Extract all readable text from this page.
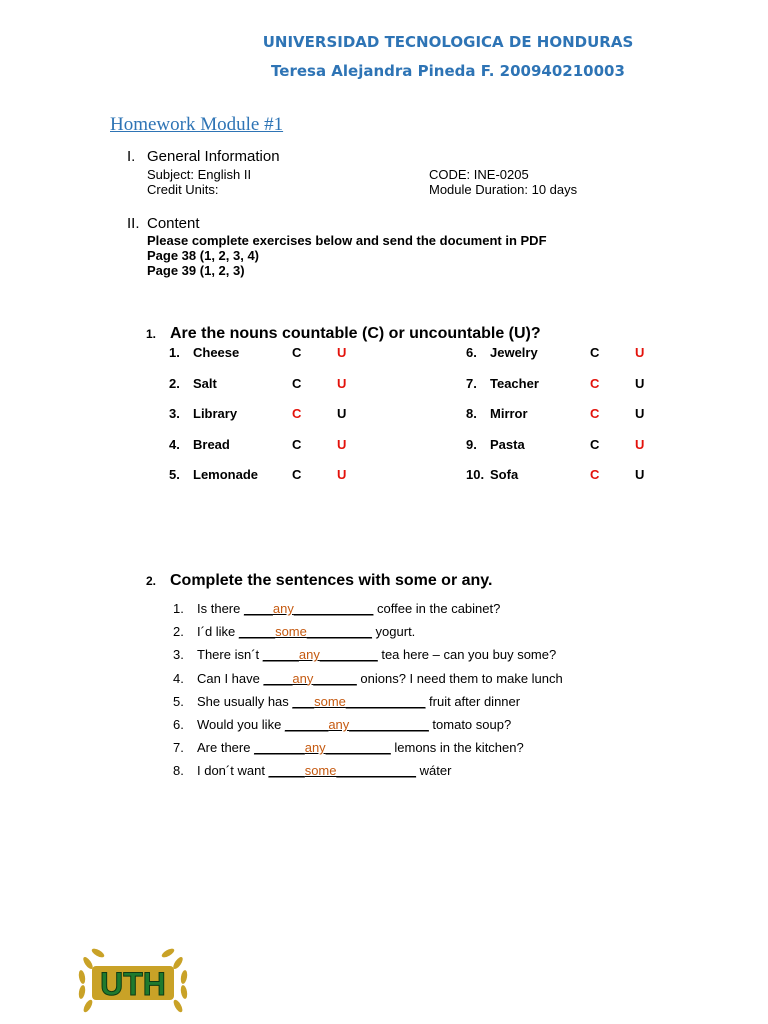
UNIVERSIDAD TECNOLOGICA DE HONDURAS
Teresa Alejandra Pineda F. 200940210003
Homework Module #1
I. General Information
Subject: English II
Credit Units:
CODE: INE-0205
Module Duration: 10 days
II. Content
Please complete exercises below and send the document in PDF
Page 38 (1, 2, 3, 4)
Page 39 (1, 2, 3)
1. Are the nouns countable (C) or uncountable (U)?
1. Cheese	C	U
2. Salt	C	U
3. Library	C	U
4. Bread	C	U
5. Lemonade	C	U
6. Jewelry	C	U
7. Teacher	C	U
8. Mirror	C	U
9. Pasta	C	U
10. Sofa	C	U
2. Complete the sentences with some or any.
1. Is there ____any___________ coffee in the cabinet?
2. I´d like _____some_________ yogurt.
3. There isn´t _____any________ tea here – can you buy some?
4. Can I have ____any______ onions? I need them to make lunch
5. She usually has ___some___________ fruit after dinner
6. Would you like ______any___________ tomato soup?
7. Are there _______any_________ lemons in the kitchen?
8. I don´t want _____some___________ wáter
UTH
